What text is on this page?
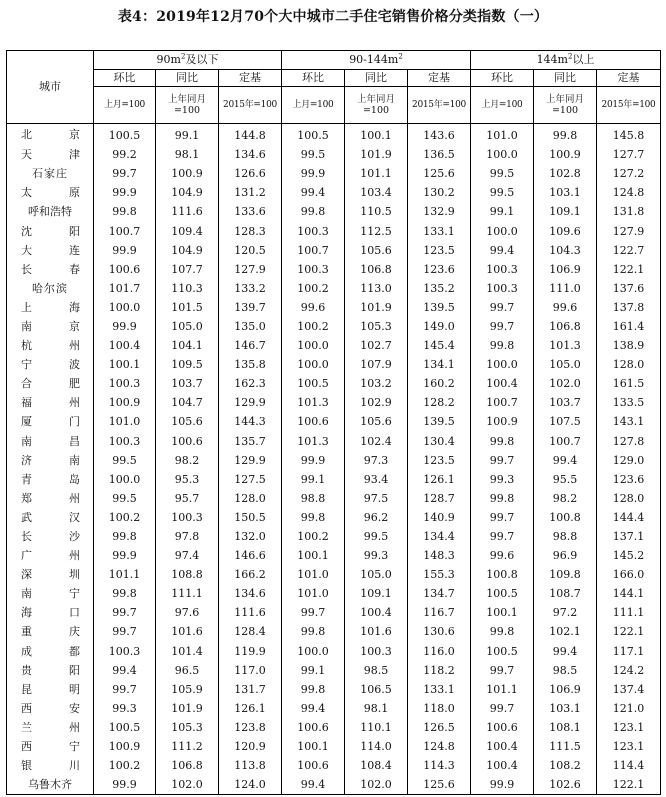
表4：2019年12月70个大中城市二手住宅销售价格分类指数（一）
城市	$90m^2$及以下			$90-144m^2$			$144m^2$以上		
	环比	同比	定基	环比	同比	定基	环比	同比	定基
	上月=100	上年同月=100	2015年=100	上月=100	上年同月=100	2015年=100	上月=100	上年同月=100	2015年=100
北 京	100.5	99.1	144.8	100.5	100.1	143.6	101.0	99.8	145.8
天 津	99.2	98.1	134.6	99.5	101.9	136.5	100.0	100.9	127.7
石家庄	99.7	100.9	126.6	99.9	101.1	125.6	99.5	102.8	127.2
太 原	99.9	104.9	131.2	99.4	103.4	130.2	99.5	103.1	124.8
呼和浩特	99.8	111.6	133.6	99.8	110.5	132.9	99.1	109.1	131.8
沈 阳	100.7	109.4	128.3	100.3	112.5	133.1	100.0	109.6	127.9
大 连	99.9	104.9	120.5	100.7	105.6	123.5	99.4	104.3	122.7
长 春	100.6	107.7	127.9	100.3	106.8	123.6	100.3	106.9	122.1
哈尔滨	101.7	110.3	133.2	100.2	113.0	135.2	100.3	111.0	137.6
上 海	100.0	101.5	139.7	99.6	101.9	139.5	99.7	99.6	137.8
南 京	99.9	105.0	135.0	100.2	105.3	149.0	99.7	106.8	161.4
杭 州	100.4	104.1	146.7	100.0	102.7	145.4	99.8	101.3	138.9
宁 波	100.1	109.5	135.8	100.0	107.9	134.1	100.0	105.0	128.0
合 肥	100.3	103.7	162.3	100.5	103.2	160.2	100.4	102.0	161.5
福 州	100.9	104.7	129.9	101.3	102.9	128.2	100.7	103.7	133.5
厦 门	101.0	105.6	144.3	100.6	105.6	139.5	100.9	107.5	143.1
南 昌	100.3	100.6	135.7	101.3	102.4	130.4	99.8	100.7	127.8
济 南	99.5	98.2	129.9	99.9	97.3	123.5	99.7	99.4	129.0
青 岛	100.0	95.3	127.5	99.1	93.4	126.1	99.3	95.5	123.6
郑 州	99.5	95.7	128.0	98.8	97.5	128.7	99.8	98.2	128.0
武 汉	100.2	100.3	150.5	99.8	96.2	140.9	99.7	100.8	144.4
长 沙	99.8	97.8	132.0	100.2	99.5	134.4	99.7	98.8	137.1
广 州	99.9	97.4	146.6	100.1	99.3	148.3	99.6	96.9	145.2
深 圳	101.1	108.8	166.2	101.0	105.0	155.3	100.8	109.8	166.0
南 宁	99.8	111.1	134.6	101.0	109.1	134.7	100.5	108.7	144.1
海 口	99.7	97.6	111.6	99.7	100.4	116.7	100.1	97.2	111.1
重 庆	99.7	101.6	128.4	99.8	101.6	130.6	99.8	102.1	122.1
成 都	100.3	101.4	119.9	100.0	100.3	116.0	100.5	99.4	117.1
贵 阳	99.4	96.5	117.0	99.1	98.5	118.2	99.7	98.5	124.2
昆 明	99.7	105.9	131.7	99.8	106.5	133.1	101.1	106.9	137.4
西 安	99.3	101.9	126.1	99.4	98.1	118.0	99.7	103.1	121.0
兰 州	100.5	105.3	123.8	100.6	110.1	126.5	100.6	108.1	123.1
西 宁	100.9	111.2	120.9	100.1	114.0	124.8	100.4	111.5	123.1
银 川	100.2	106.8	113.8	100.6	108.4	114.3	100.4	108.2	114.4
乌鲁木齐	99.9	102.0	124.0	99.4	102.0	125.6	99.9	102.6	122.1
